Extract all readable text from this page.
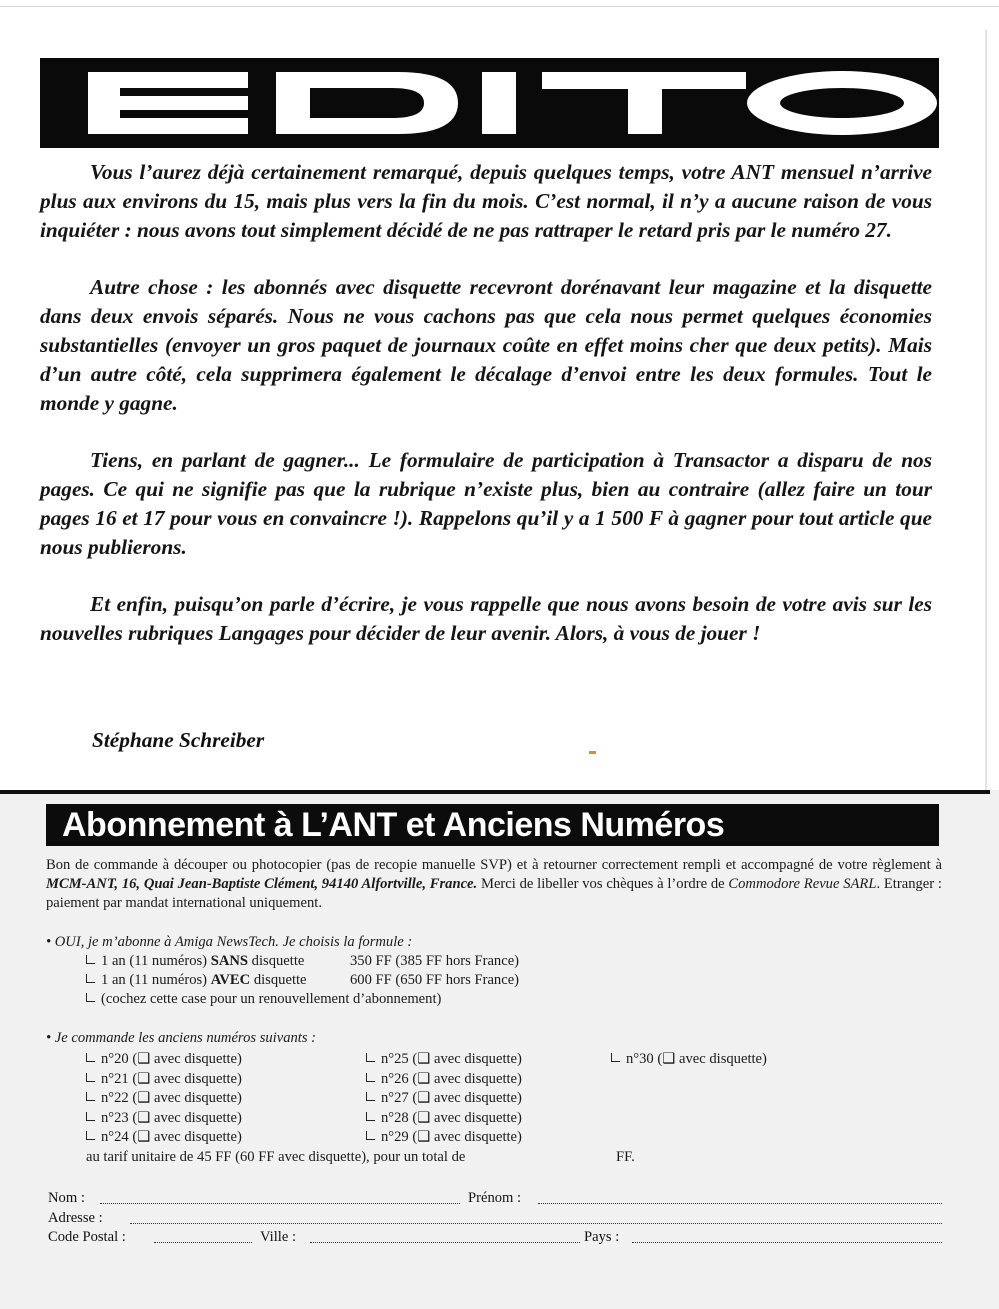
Vous l’aurez déjà certainement remarqué, depuis quelques temps, votre ANT mensuel n’arrive plus aux environs du 15, mais plus vers la fin du mois. C’est normal, il n’y a aucune raison de vous inquiéter : nous avons tout simplement décidé de ne pas rattraper le retard pris par le numéro 27.

Autre chose : les abonnés avec disquette recevront dorénavant leur magazine et la disquette dans deux envois séparés. Nous ne vous cachons pas que cela nous permet quelques économies substantielles (envoyer un gros paquet de journaux coûte en effet moins cher que deux petits). Mais d’un autre côté, cela supprimera également le décalage d’envoi entre les deux formules. Tout le monde y gagne.

Tiens, en parlant de gagner... Le formulaire de participation à Transactor a disparu de nos pages. Ce qui ne signifie pas que la rubrique n’existe plus, bien au contraire (allez faire un tour pages 16 et 17 pour vous en convaincre !). Rappelons qu’il y a 1 500 F à gagner pour tout article que nous publierons.

Et enfin, puisqu’on parle d’écrire, je vous rappelle que nous avons besoin de votre avis sur les nouvelles rubriques Langages pour décider de leur avenir. Alors, à vous de jouer !

Stéphane Schreiber
Abonnement à L’ANT et Anciens Numéros

Bon de commande à découper ou photocopier (pas de recopie manuelle SVP) et à retourner correctement rempli et accompagné de votre règlement à MCM-ANT, 16, Quai Jean-Baptiste Clément, 94140 Alfortville, France. Merci de libeller vos chèques à l’ordre de Commodore Revue SARL. Etranger : paiement par mandat international uniquement.

• OUI, je m’abonne à Amiga NewsTech. Je choisis la formule :
1 an (11 numéros) SANS disquette	350 FF (385 FF hors France)
1 an (11 numéros) AVEC disquette	600 FF (650 FF hors France)
(cochez cette case pour un renouvellement d’abonnement)
• Je commande les anciens numéros suivants :
n°20 (❑ avec disquette)
n°21 (❑ avec disquette)
n°22 (❑ avec disquette)
n°23 (❑ avec disquette)
n°24 (❑ avec disquette)
n°25 (❑ avec disquette)
n°26 (❑ avec disquette)
n°27 (❑ avec disquette)
n°28 (❑ avec disquette)
n°29 (❑ avec disquette)
n°30 (❑ avec disquette)
au tarif unitaire de 45 FF (60 FF avec disquette), pour un total de	FF.
Nom :	Prénom :
Adresse :
Code Postal :	Ville :	Pays :
